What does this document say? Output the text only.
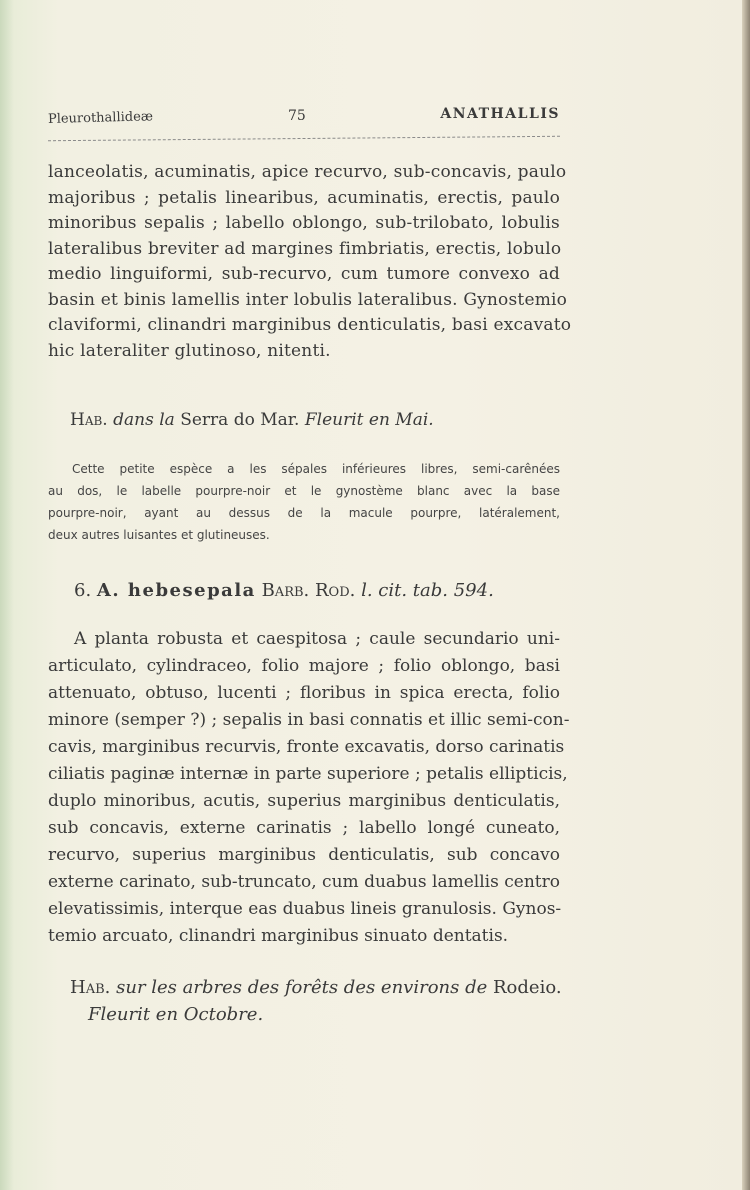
Pleurothallideæ	75	ANATHALLIS
lanceolatis, acuminatis, apice recurvo, sub-concavis, paulo
majoribus ; petalis linearibus, acuminatis, erectis, paulo
minoribus sepalis ; labello oblongo, sub-trilobato, lobulis
lateralibus breviter ad margines fimbriatis, erectis, lobulo
medio linguiformi, sub-recurvo, cum tumore convexo ad
basin et binis lamellis inter lobulis lateralibus. Gynostemio
claviformi, clinandri marginibus denticulatis, basi excavato
hic lateraliter glutinoso, nitenti.
Hab. dans la Serra do Mar. Fleurit en Mai.
Cette petite espèce a les sépales inférieures libres, semi-carênées
au dos, le labelle pourpre-noir et le gynostème blanc avec la base
pourpre-noir, ayant au dessus de la macule pourpre, latéralement,
deux autres luisantes et glutineuses.
6. A. hebesepala Barb. Rod. l. cit. tab. 594.
A planta robusta et caespitosa ; caule secundario uni-
articulato, cylindraceo, folio majore ; folio oblongo, basi
attenuato, obtuso, lucenti ; floribus in spica erecta, folio
minore (semper ?) ; sepalis in basi connatis et illic semi-con-
cavis, marginibus recurvis, fronte excavatis, dorso carinatis
ciliatis paginæ internæ in parte superiore ; petalis ellipticis,
duplo minoribus, acutis, superius marginibus denticulatis,
sub concavis, externe carinatis ; labello longé cuneato,
recurvo, superius marginibus denticulatis, sub concavo
externe carinato, sub-truncato, cum duabus lamellis centro
elevatissimis, interque eas duabus lineis granulosis. Gynos-
temio arcuato, clinandri marginibus sinuato dentatis.
Hab. sur les arbres des forêts des environs de Rodeio.
Fleurit en Octobre.
